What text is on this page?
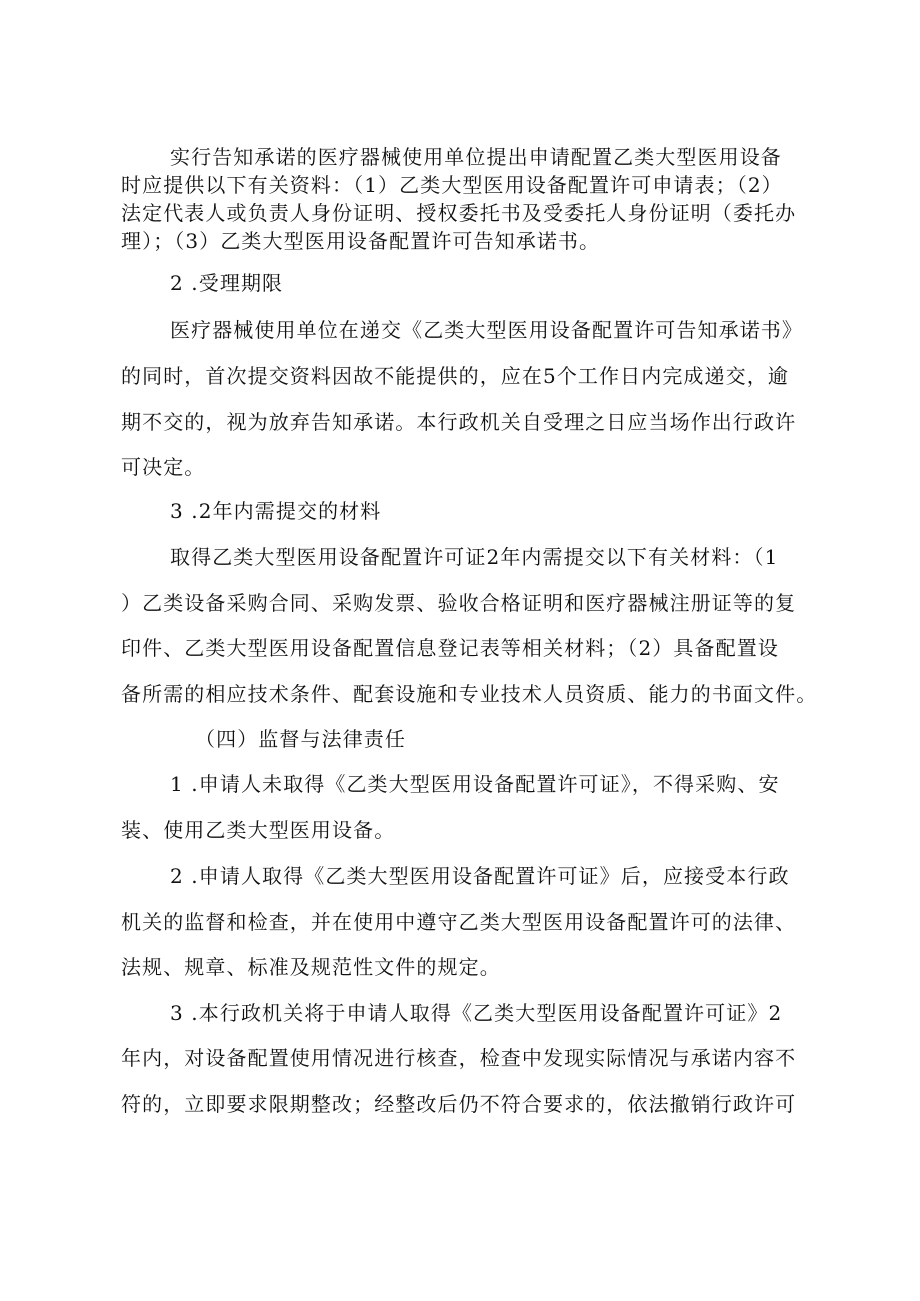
实行告知承诺的医疗器械使用单位提出申请配置乙类大型医用设备
时应提供以下有关资料：（1）乙类大型医用设备配置许可申请表；（2）
法定代表人或负责人身份证明、授权委托书及受委托人身份证明（委托办
理）；（3）乙类大型医用设备配置许可告知承诺书。
2 .受理期限
医疗器械使用单位在递交《乙类大型医用设备配置许可告知承诺书》
的同时，首次提交资料因故不能提供的，应在5个工作日内完成递交，逾
期不交的，视为放弃告知承诺。本行政机关自受理之日应当场作出行政许
可决定。
3 .2年内需提交的材料
取得乙类大型医用设备配置许可证2年内需提交以下有关材料：（1
）乙类设备采购合同、采购发票、验收合格证明和医疗器械注册证等的复
印件、乙类大型医用设备配置信息登记表等相关材料；（2）具备配置设
备所需的相应技术条件、配套设施和专业技术人员资质、能力的书面文件。
（四）监督与法律责任
1 .申请人未取得《乙类大型医用设备配置许可证》，不得采购、安
装、使用乙类大型医用设备。
2 .申请人取得《乙类大型医用设备配置许可证》后，应接受本行政
机关的监督和检查，并在使用中遵守乙类大型医用设备配置许可的法律、
法规、规章、标准及规范性文件的规定。
3 .本行政机关将于申请人取得《乙类大型医用设备配置许可证》2
年内，对设备配置使用情况进行核查，检查中发现实际情况与承诺内容不
符的，立即要求限期整改；经整改后仍不符合要求的，依法撤销行政许可
